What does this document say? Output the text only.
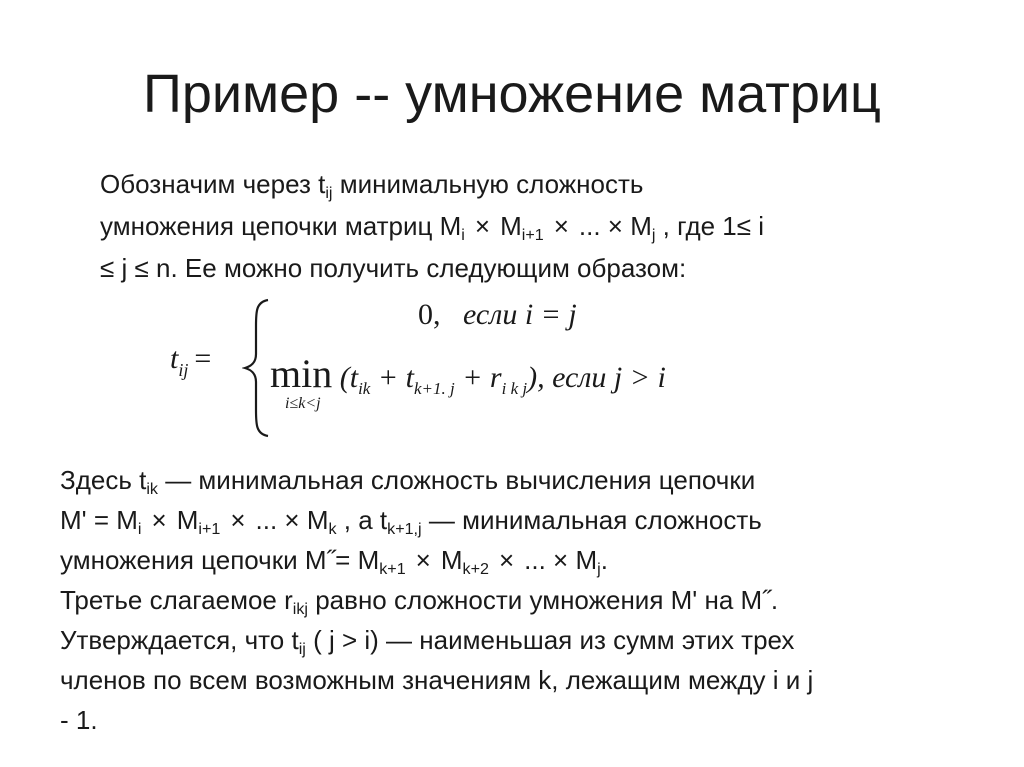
Пример -- умножение матриц
Обозначим через $t_{ij}$ минимальную сложность
умножения цепочки матриц $M_i \times M_{i+1}$ × ... × $M_j$ , где 1≤ i
≤ j ≤ n. Ее можно получить следующим образом:
$t_{ij}$ =
0, если i = j
$\min (t_{ik} + t_{k+1. j} + r_{i k j})$, если j > i
i≤k<j
Здесь $t_{ik}$ — минимальная сложность вычисления цепочки
$M' = M_i \times M_{i+1}$ × ... × $M_k$ , а $t_{k+1,j}$ — минимальная сложность
умножения цепочки M˝= $M_{k+1} \times M_{k+2}$ × ... × $M_j$.
Третье слагаемое $r_{ikj}$ равно сложности умножения M' на M˝.
Утверждается, что $t_{ij}$ ( j > i) — наименьшая из сумм этих трех
членов по всем возможным значениям k, лежащим между i и j
- 1.
